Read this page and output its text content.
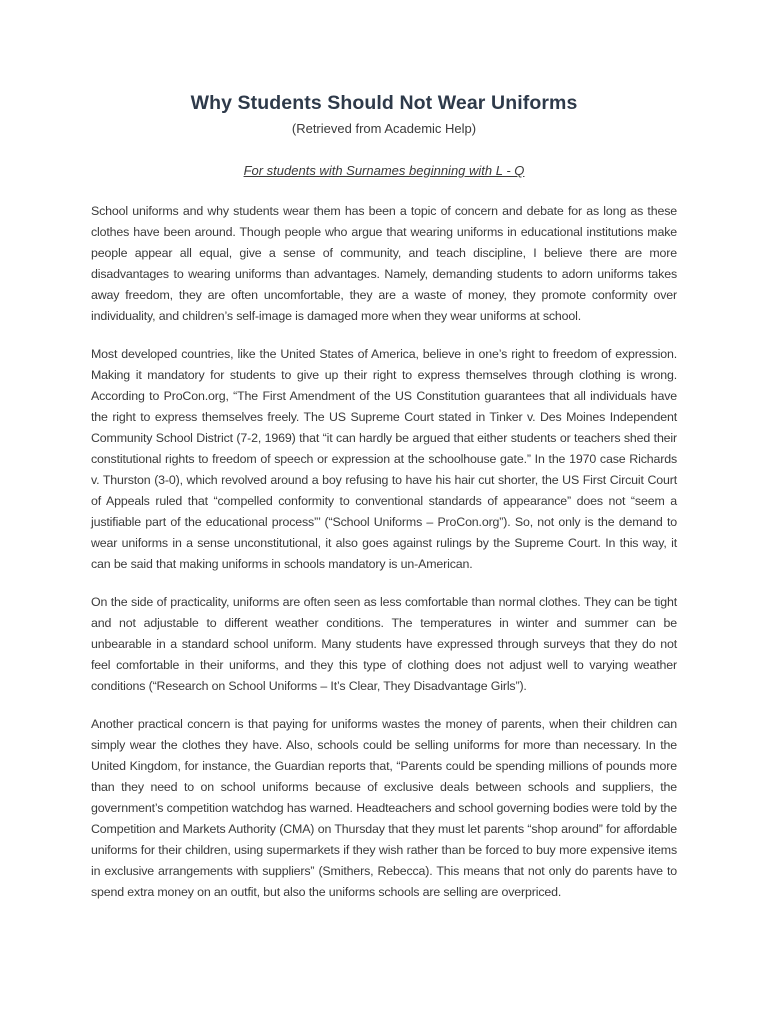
Why Students Should Not Wear Uniforms

(Retrieved from Academic Help)

For students with Surnames beginning with L - Q

School uniforms and why students wear them has been a topic of concern and debate for as long as these clothes have been around. Though people who argue that wearing uniforms in educational institutions make people appear all equal, give a sense of community, and teach discipline, I believe there are more disadvantages to wearing uniforms than advantages. Namely, demanding students to adorn uniforms takes away freedom, they are often uncomfortable, they are a waste of money, they promote conformity over individuality, and children’s self-image is damaged more when they wear uniforms at school.

Most developed countries, like the United States of America, believe in one’s right to freedom of expression. Making it mandatory for students to give up their right to express themselves through clothing is wrong. According to ProCon.org, “The First Amendment of the US Constitution guarantees that all individuals have the right to express themselves freely. The US Supreme Court stated in Tinker v. Des Moines Independent Community School District (7-2, 1969) that “it can hardly be argued that either students or teachers shed their constitutional rights to freedom of speech or expression at the schoolhouse gate.” In the 1970 case Richards v. Thurston (3-0), which revolved around a boy refusing to have his hair cut shorter, the US First Circuit Court of Appeals ruled that “compelled conformity to conventional standards of appearance” does not “seem a justifiable part of the educational process”’ (“School Uniforms – ProCon.org”). So, not only is the demand to wear uniforms in a sense unconstitutional, it also goes against rulings by the Supreme Court. In this way, it can be said that making uniforms in schools mandatory is un-American.

On the side of practicality, uniforms are often seen as less comfortable than normal clothes. They can be tight and not adjustable to different weather conditions. The temperatures in winter and summer can be unbearable in a standard school uniform. Many students have expressed through surveys that they do not feel comfortable in their uniforms, and they this type of clothing does not adjust well to varying weather conditions (“Research on School Uniforms – It’s Clear, They Disadvantage Girls”).

Another practical concern is that paying for uniforms wastes the money of parents, when their children can simply wear the clothes they have. Also, schools could be selling uniforms for more than necessary. In the United Kingdom, for instance, the Guardian reports that, “Parents could be spending millions of pounds more than they need to on school uniforms because of exclusive deals between schools and suppliers, the government’s competition watchdog has warned. Headteachers and school governing bodies were told by the Competition and Markets Authority (CMA) on Thursday that they must let parents “shop around” for affordable uniforms for their children, using supermarkets if they wish rather than be forced to buy more expensive items in exclusive arrangements with suppliers” (Smithers, Rebecca). This means that not only do parents have to spend extra money on an outfit, but also the uniforms schools are selling are overpriced.
